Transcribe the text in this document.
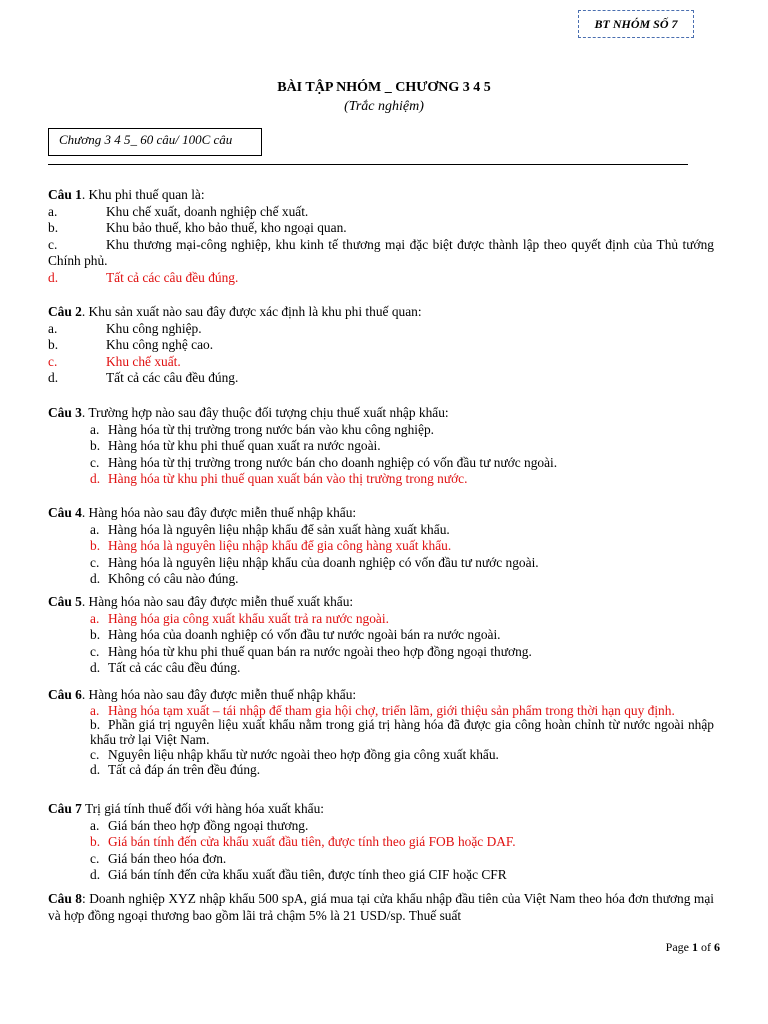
BT NHÓM SỐ 7
BÀI TẬP NHÓM _ CHƯƠNG 3 4 5
(Trắc nghiệm)
Chương 3 4 5_ 60 câu/ 100C câu

Câu 1. Khu phi thuế quan là:

a.	Khu chế xuất, doanh nghiệp chế xuất.
b.	Khu bảo thuế, kho bảo thuế, kho ngoại quan.

c.	Khu thương mại-công nghiệp, khu kinh tế thương mại đặc biệt được thành lập theo quyết định của Thủ tướng Chính phủ.

d.	Tất cả các câu đều đúng.

Câu 2. Khu sản xuất nào sau đây được xác định là khu phi thuế quan:

a.	Khu công nghiệp.
b.	Khu công nghệ cao.
c.	Khu chế xuất.
d.	Tất cả các câu đều đúng.

Câu 3. Trường hợp nào sau đây thuộc đối tượng chịu thuế xuất nhập khẩu:

a. Hàng hóa từ thị trường trong nước bán vào khu công nghiệp.
b. Hàng hóa từ khu phi thuế quan xuất ra nước ngoài.
c. Hàng hóa từ thị trường trong nước bán cho doanh nghiệp có vốn đầu tư nước ngoài.
d. Hàng hóa từ khu phi thuế quan xuất bán vào thị trường trong nước.

Câu 4. Hàng hóa nào sau đây được miễn thuế nhập khẩu:

a. Hàng hóa là nguyên liệu nhập khẩu để sản xuất hàng xuất khẩu.
b. Hàng hóa là nguyên liệu nhập khẩu để gia công hàng xuất khẩu.
c. Hàng hóa là nguyên liệu nhập khẩu của doanh nghiệp có vốn đầu tư nước ngoài.
d. Không có câu nào đúng.

Câu 5. Hàng hóa nào sau đây được miễn thuế xuất khẩu:

a. Hàng hóa gia công xuất khẩu xuất trả ra nước ngoài.
b. Hàng hóa của doanh nghiệp có vốn đầu tư nước ngoài bán ra nước ngoài.
c. Hàng hóa từ khu phi thuế quan bán ra nước ngoài theo hợp đồng ngoại thương.
d. Tất cả các câu đều đúng.

Câu 6. Hàng hóa nào sau đây được miễn thuế nhập khẩu:

a. Hàng hóa tạm xuất – tái nhập để tham gia hội chợ, triển lãm, giới thiệu sản phẩm trong thời hạn quy định.

b. Phần giá trị nguyên liệu xuất khẩu nằm trong giá trị hàng hóa đã được gia công hoàn chỉnh từ nước ngoài nhập khẩu trở lại Việt Nam.

c. Nguyên liệu nhập khẩu từ nước ngoài theo hợp đồng gia công xuất khẩu.
d. Tất cả đáp án trên đều đúng.

Câu 7 Trị giá tính thuế đối với hàng hóa xuất khẩu:

a. Giá bán theo hợp đồng ngoại thương.
b. Giá bán tính đến cửa khẩu xuất đầu tiên, được tính theo giá FOB hoặc DAF.
c. Giá bán theo hóa đơn.
d. Giá bán tính đến cửa khẩu xuất đầu tiên, được tính theo giá CIF hoặc CFR
Câu 8: Doanh nghiệp XYZ nhập khẩu 500 spA, giá mua tại cửa khẩu nhập đầu tiên của Việt Nam theo hóa đơn thương mại và hợp đồng ngoại thương bao gồm lãi trả chậm 5% là 21 USD/sp. Thuế suất
Page 1 of 6
